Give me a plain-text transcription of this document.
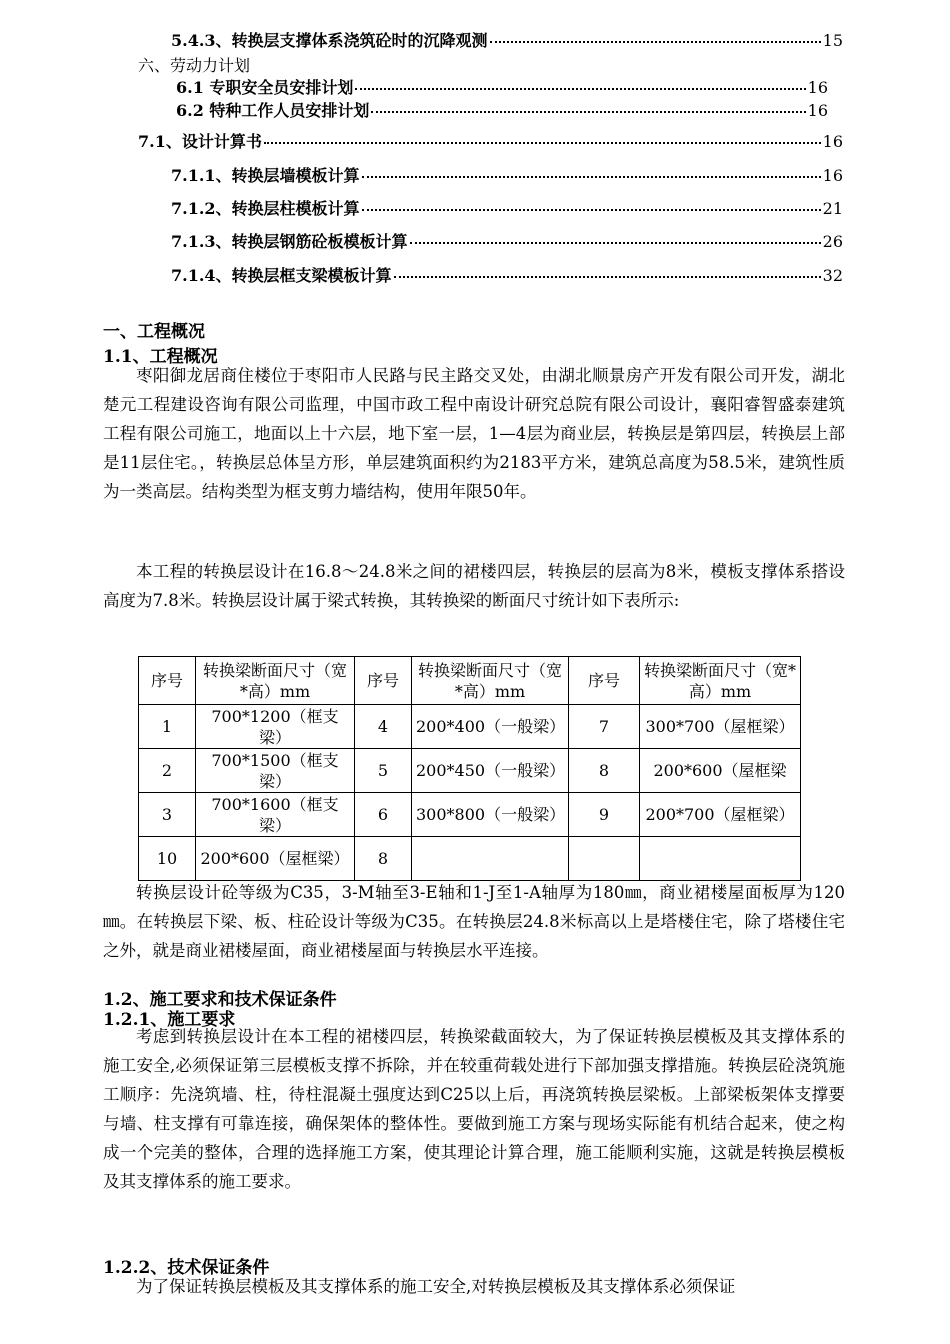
5.4.3、转换层支撑体系浇筑砼时的沉降观测	15
六、劳动力计划
6.1 专职安全员安排计划	16
6.2 特种工作人员安排计划	16
7.1、设计计算书	16
7.1.1、转换层墙模板计算	16
7.1.2、转换层柱模板计算	21
7.1.3、转换层钢筋砼板模板计算	26
7.1.4、转换层框支梁模板计算	32
一、工程概况
1.1、工程概况
枣阳御龙居商住楼位于枣阳市人民路与民主路交叉处，由湖北顺景房产开发有限公司开发，湖北楚元工程建设咨询有限公司监理，中国市政工程中南设计研究总院有限公司设计，襄阳睿智盛泰建筑工程有限公司施工，地面以上十六层，地下室一层，1—4层为商业层，转换层是第四层，转换层上部是11层住宅。，转换层总体呈方形，单层建筑面积约为2183平方米，建筑总高度为58.5米，建筑性质为一类高层。结构类型为框支剪力墙结构，使用年限50年。
本工程的转换层设计在16.8～24.8米之间的裙楼四层，转换层的层高为8米，模板支撑体系搭设高度为7.8米。转换层设计属于梁式转换，其转换梁的断面尺寸统计如下表所示:
序号	转换梁断面尺寸（宽*高）mm	序号	转换梁断面尺寸（宽*高）mm	序号	转换梁断面尺寸（宽*高）mm
1	700*1200（框支梁）	4	200*400（一般梁）	7	300*700（屋框梁）
2	700*1500（框支梁）	5	200*450（一般梁）	8	200*600（屋框梁
3	700*1600（框支梁）	6	300*800（一般梁）	9	200*700（屋框梁）
10	200*600（屋框梁）	8			
转换层设计砼等级为C35，3-M轴至3-E轴和1-J至1-A轴厚为180㎜，商业裙楼屋面板厚为120㎜。在转换层下梁、板、柱砼设计等级为C35。在转换层24.8米标高以上是塔楼住宅，除了塔楼住宅之外，就是商业裙楼屋面，商业裙楼屋面与转换层水平连接。
1.2、施工要求和技术保证条件
1.2.1、施工要求
考虑到转换层设计在本工程的裙楼四层，转换梁截面较大，为了保证转换层模板及其支撑体系的施工安全,必须保证第三层模板支撑不拆除，并在较重荷载处进行下部加强支撑措施。转换层砼浇筑施工顺序：先浇筑墙、柱，待柱混凝土强度达到C25以上后，再浇筑转换层梁板。上部梁板架体支撑要与墙、柱支撑有可靠连接，确保架体的整体性。要做到施工方案与现场实际能有机结合起来，使之构成一个完美的整体，合理的选择施工方案，使其理论计算合理，施工能顺利实施，这就是转换层模板及其支撑体系的施工要求。
1.2.2、技术保证条件
为了保证转换层模板及其支撑体系的施工安全,对转换层模板及其支撑体系必须保证
